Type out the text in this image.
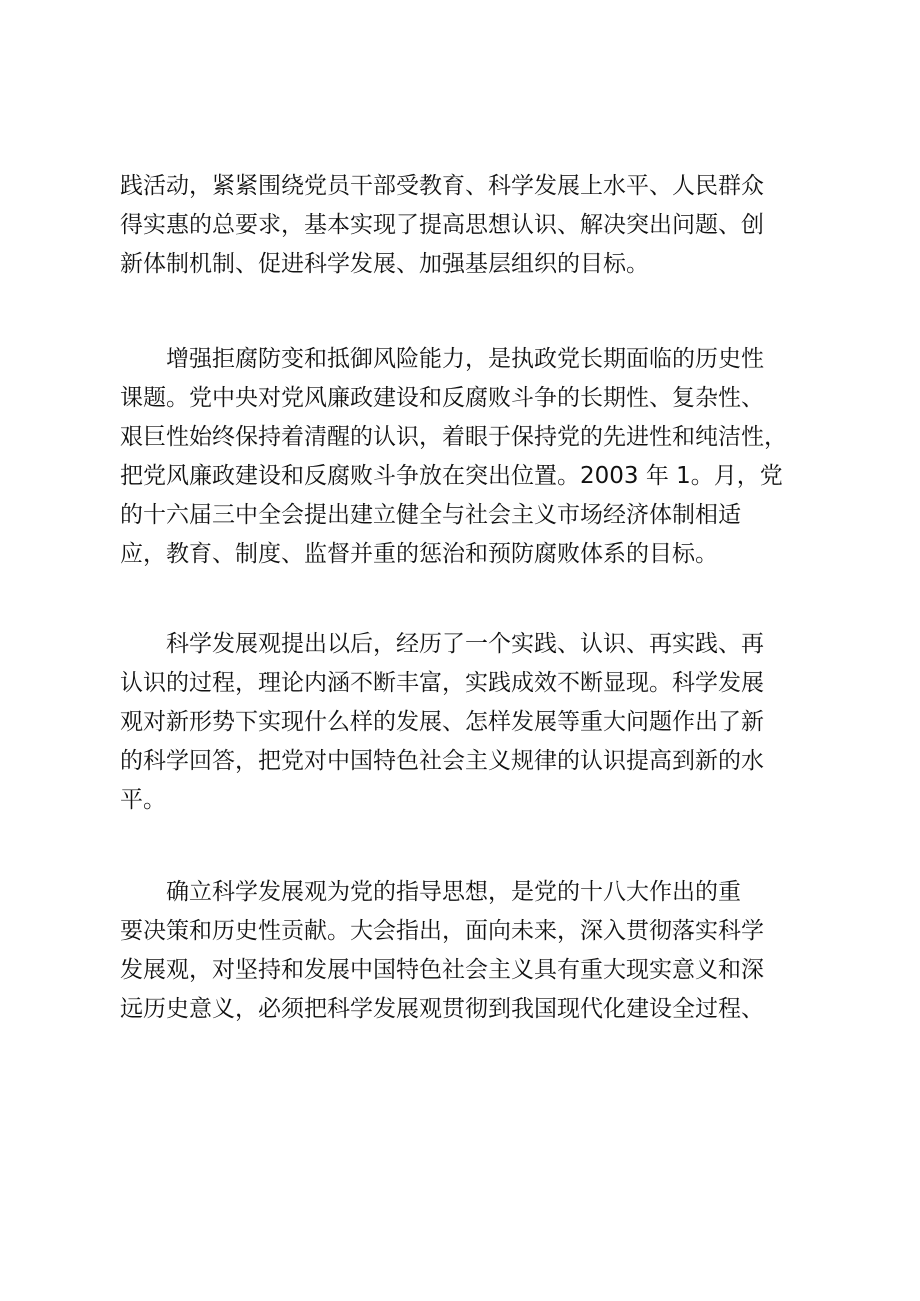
践活动，紧紧围绕党员干部受教育、科学发展上水平、人民群众
得实惠的总要求，基本实现了提高思想认识、解决突出问题、创
新体制机制、促进科学发展、加强基层组织的目标。
　　增强拒腐防变和抵御风险能力，是执政党长期面临的历史性
课题。党中央对党风廉政建设和反腐败斗争的长期性、复杂性、
艰巨性始终保持着清醒的认识，着眼于保持党的先进性和纯洁性，
把党风廉政建设和反腐败斗争放在突出位置。2003 年 1。月，党
的十六届三中全会提出建立健全与社会主义市场经济体制相适
应，教育、制度、监督并重的惩治和预防腐败体系的目标。
　　科学发展观提出以后，经历了一个实践、认识、再实践、再
认识的过程，理论内涵不断丰富，实践成效不断显现。科学发展
观对新形势下实现什么样的发展、怎样发展等重大问题作出了新
的科学回答，把党对中国特色社会主义规律的认识提高到新的水
平。
　　确立科学发展观为党的指导思想，是党的十八大作出的重
要决策和历史性贡献。大会指出，面向未来，深入贯彻落实科学
发展观，对坚持和发展中国特色社会主义具有重大现实意义和深
远历史意义，必须把科学发展观贯彻到我国现代化建设全过程、
